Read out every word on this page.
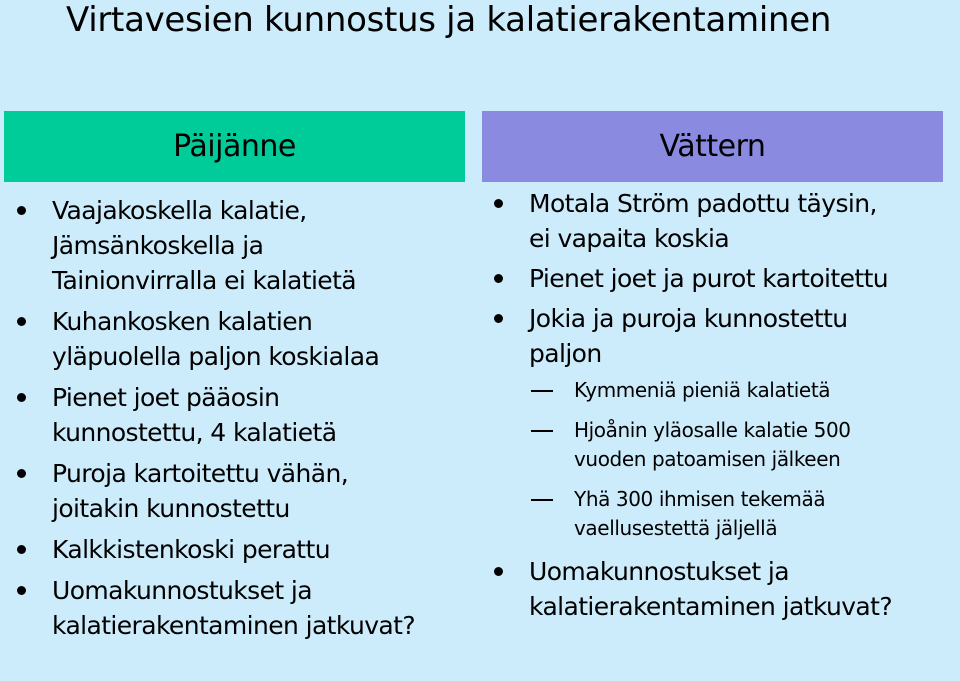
Virtavesien kunnostus ja kalatierakentaminen
Päijänne	Vättern
Vaajakoskella kalatie,
Jämsänkoskella ja
Tainionvirralla ei kalatietä
Kuhankosken kalatien
yläpuolella paljon koskialaa
Pienet joet pääosin
kunnostettu, 4 kalatietä
Puroja kartoitettu vähän,
joitakin kunnostettu
Kalkkistenkoski perattu
Uomakunnostukset ja
kalatierakentaminen jatkuvat?
Motala Ström padottu täysin,
ei vapaita koskia
Pienet joet ja purot kartoitettu
Jokia ja puroja kunnostettu
paljon
Kymmeniä pieniä kalatietä
Hjoånin yläosalle kalatie 500
vuoden patoamisen jälkeen
Yhä 300 ihmisen tekemää
vaellusestettä jäljellä
Uomakunnostukset ja
kalatierakentaminen jatkuvat?
